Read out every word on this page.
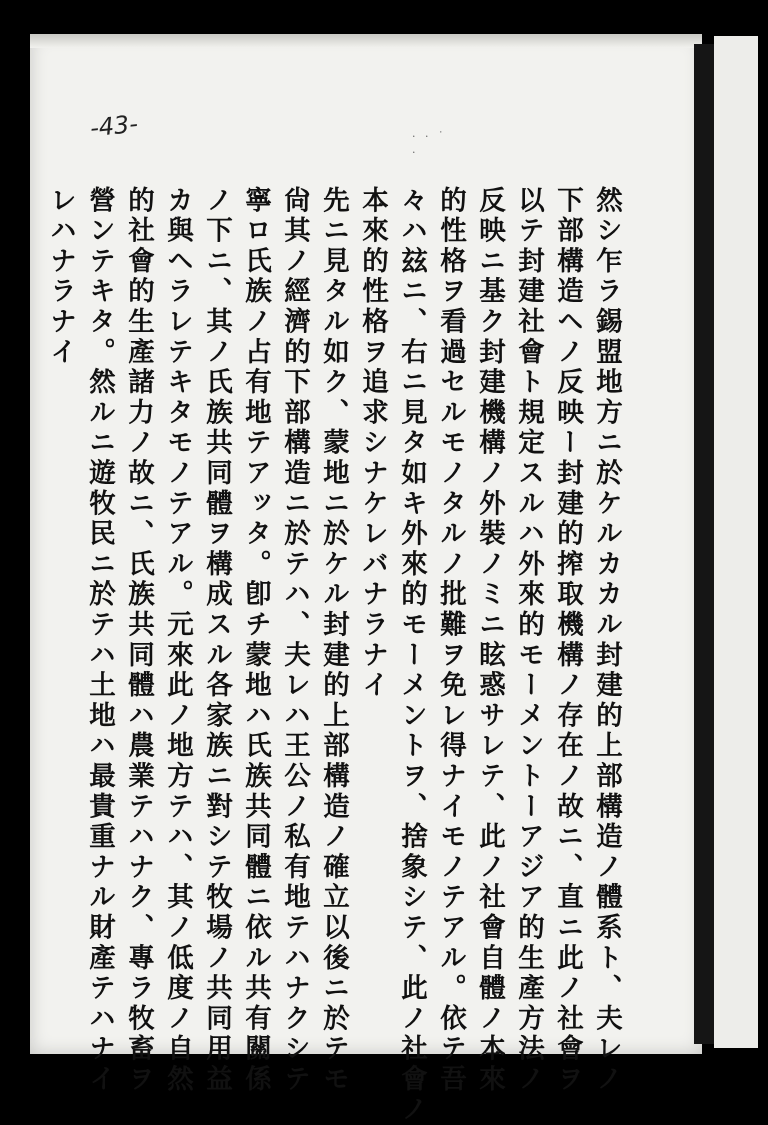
-43-	· · ˙ .
然シ乍ラ錫盟地方ニ於ケルカカル封建的上部構造ノ體系ト、夫レノ
下部構造ヘノ反映ー封建的搾取機構ノ存在ノ故ニ、直ニ此ノ社會ヲ
以テ封建社會ト規定スルハ外來的モーメントーアジア的生產方法ノ
反映ニ基ク封建機構ノ外裝ノミニ眩惑サレテ、此ノ社會自體ノ本來
的性格ヲ看過セルモノタルノ批難ヲ免レ得ナイモノテアル。依テ吾
々ハ玆ニ、右ニ見タ如キ外來的モーメントヲ、捨象シテ、此ノ社會ノ
本來的性格ヲ追求シナケレバナラナイ
先ニ見タル如ク、蒙地ニ於ケル封建的上部構造ノ確立以後ニ於テモ
尙其ノ經濟的下部構造ニ於テハ、夫レハ王公ノ私有地テハナクシテ
寧ロ氏族ノ占有地テアッタ。卽チ蒙地ハ氏族共同體ニ依ル共有關係
ノ下ニ、其ノ氏族共同體ヲ構成スル各家族ニ對シテ牧場ノ共同用益
カ與ヘラレテキタモノテアル。元來此ノ地方テハ、其ノ低度ノ自然
的社會的生產諸力ノ故ニ、氏族共同體ハ農業テハナク、專ラ牧畜ヲ
營ンテキタ。然ルニ遊牧民ニ於テハ土地ハ最貴重ナル財產テハナイ
レハナラナイ
